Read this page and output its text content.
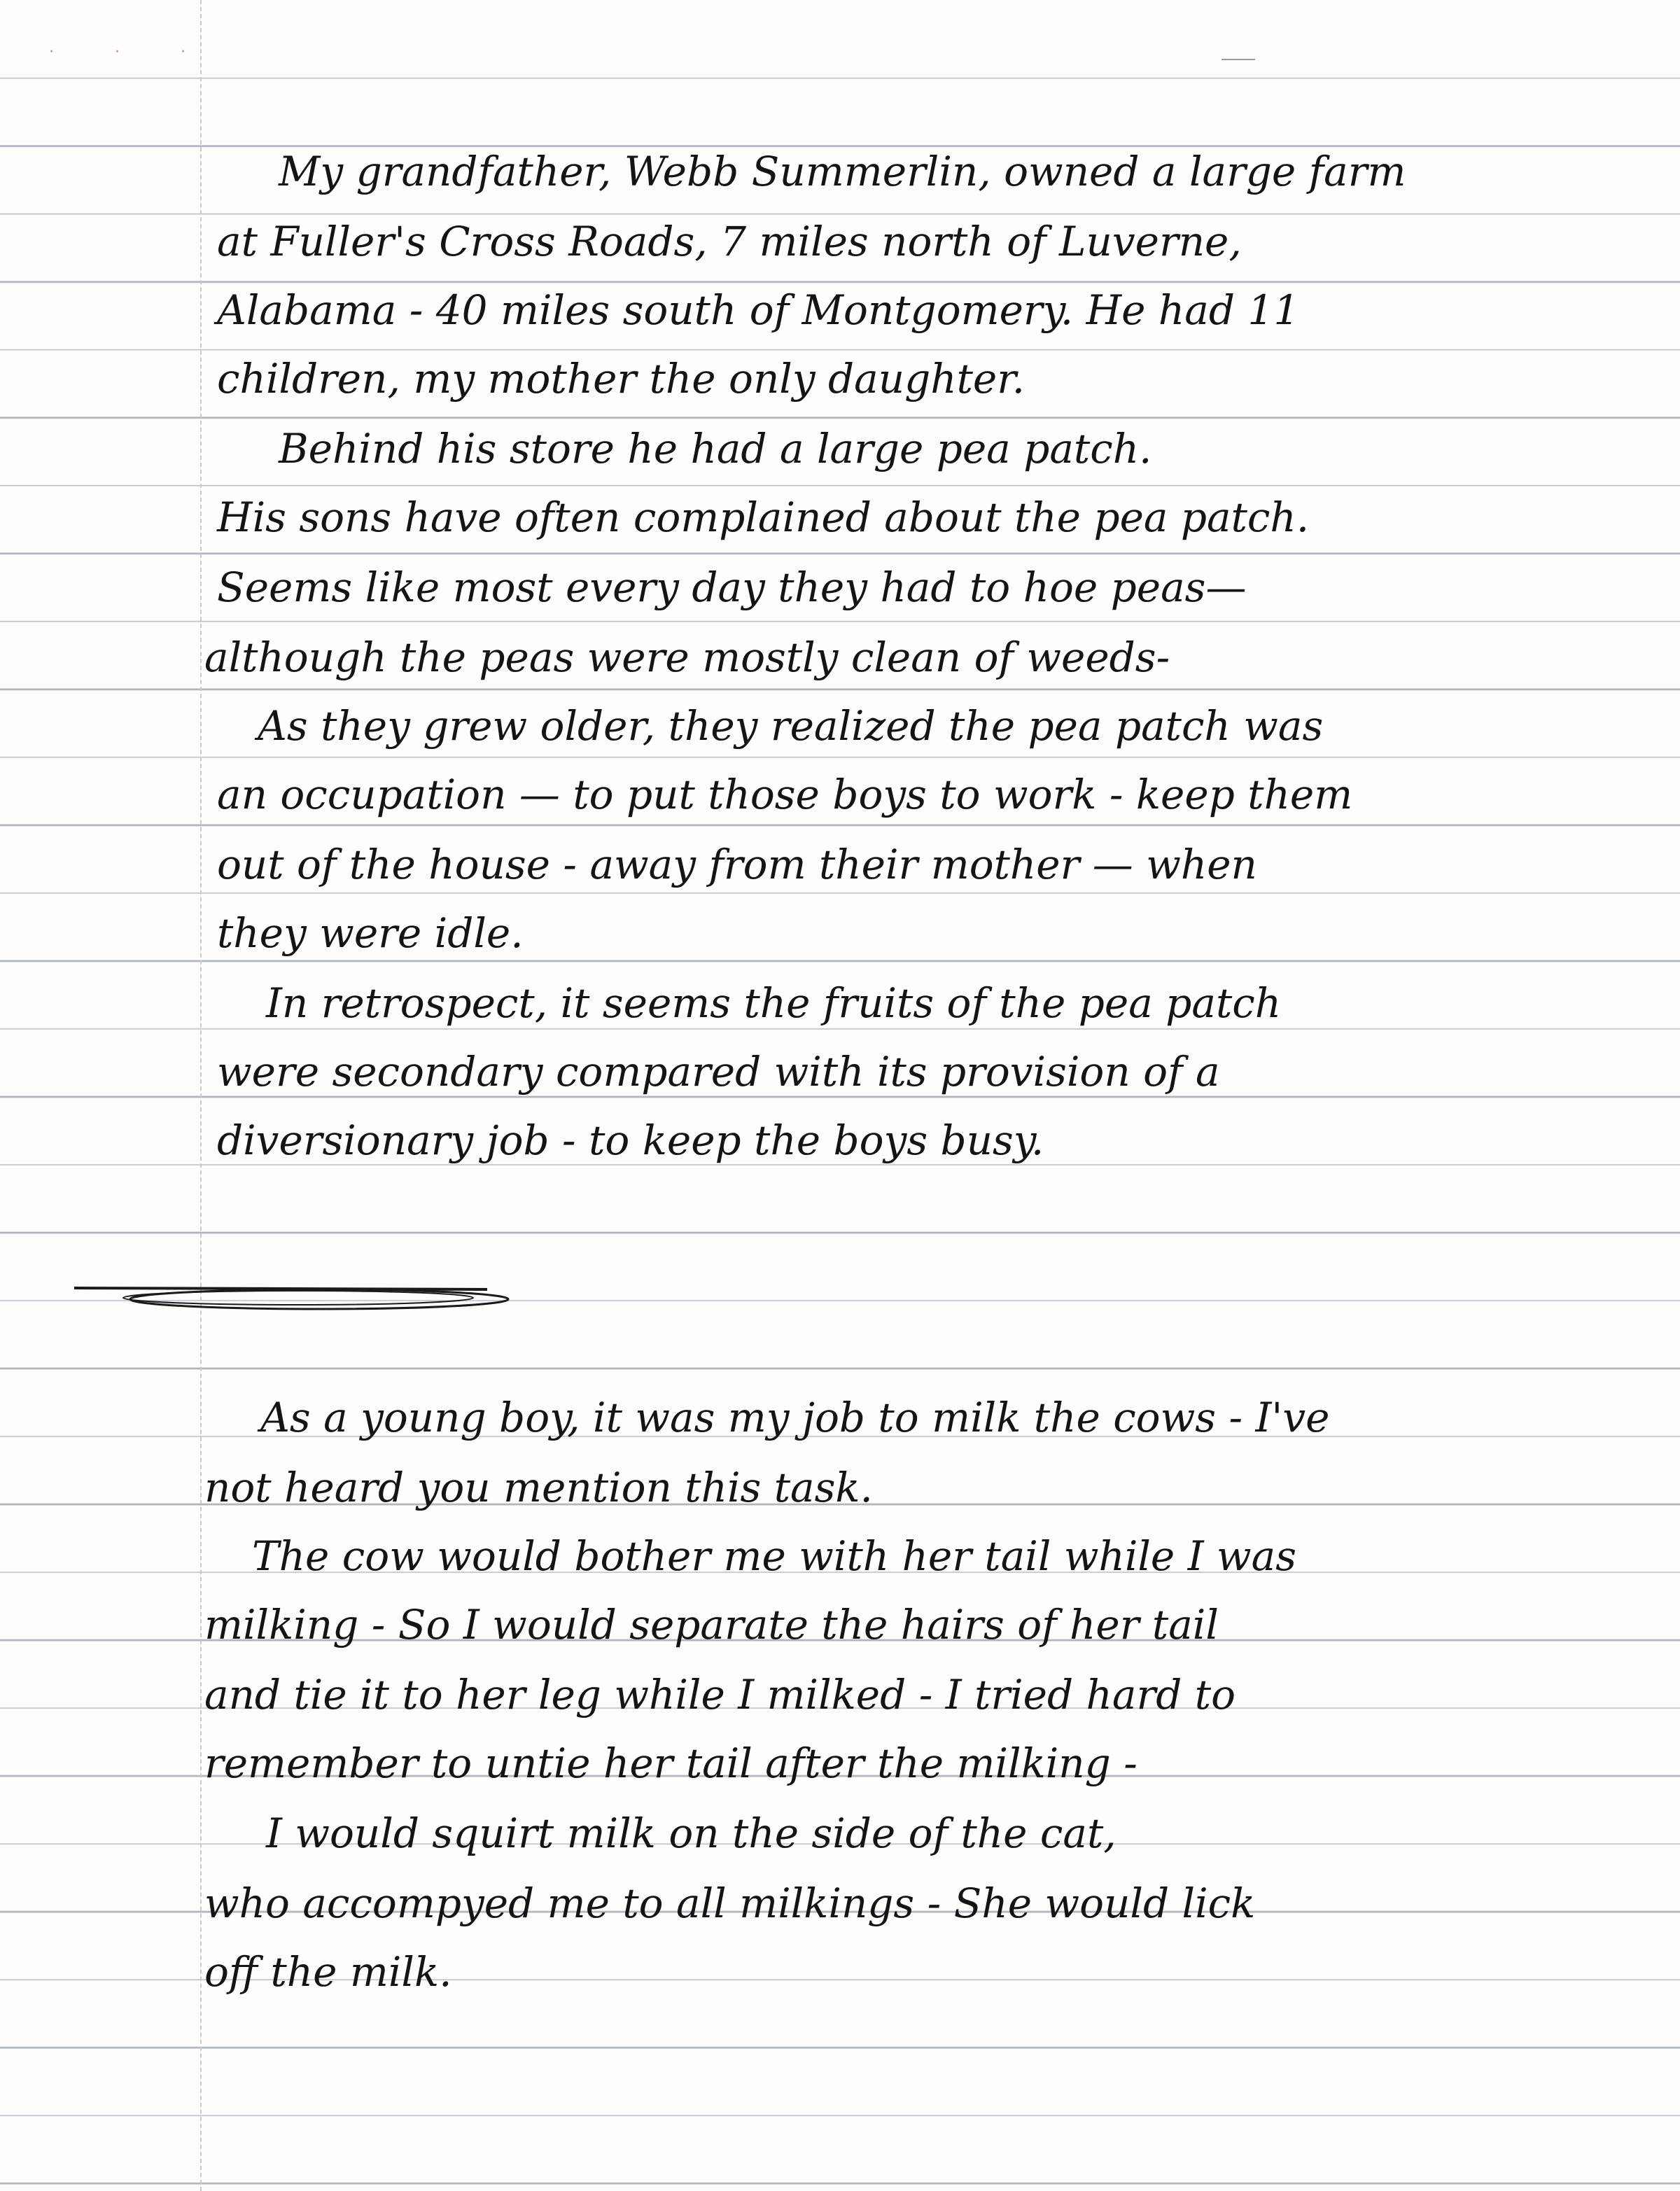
· · ·
My grandfather, Webb Summerlin, owned a large farm
at Fuller's Cross Roads, 7 miles north of Luverne,
Alabama - 40 miles south of Montgomery. He had 11
children, my mother the only daughter.
Behind his store he had a large pea patch.
His sons have often complained about the pea patch.
Seems like most every day they had to hoe peas—
although the peas were mostly clean of weeds-
As they grew older, they realized the pea patch was
an occupation — to put those boys to work - keep them
out of the house - away from their mother — when
they were idle.
In retrospect, it seems the fruits of the pea patch
were secondary compared with its provision of a
diversionary job - to keep the boys busy.
As a young boy, it was my job to milk the cows - I've
not heard you mention this task.
The cow would bother me with her tail while I was
milking - So I would separate the hairs of her tail
and tie it to her leg while I milked - I tried hard to
remember to untie her tail after the milking -
I would squirt milk on the side of the cat,
who accompyed me to all milkings - She would lick
off the milk.
